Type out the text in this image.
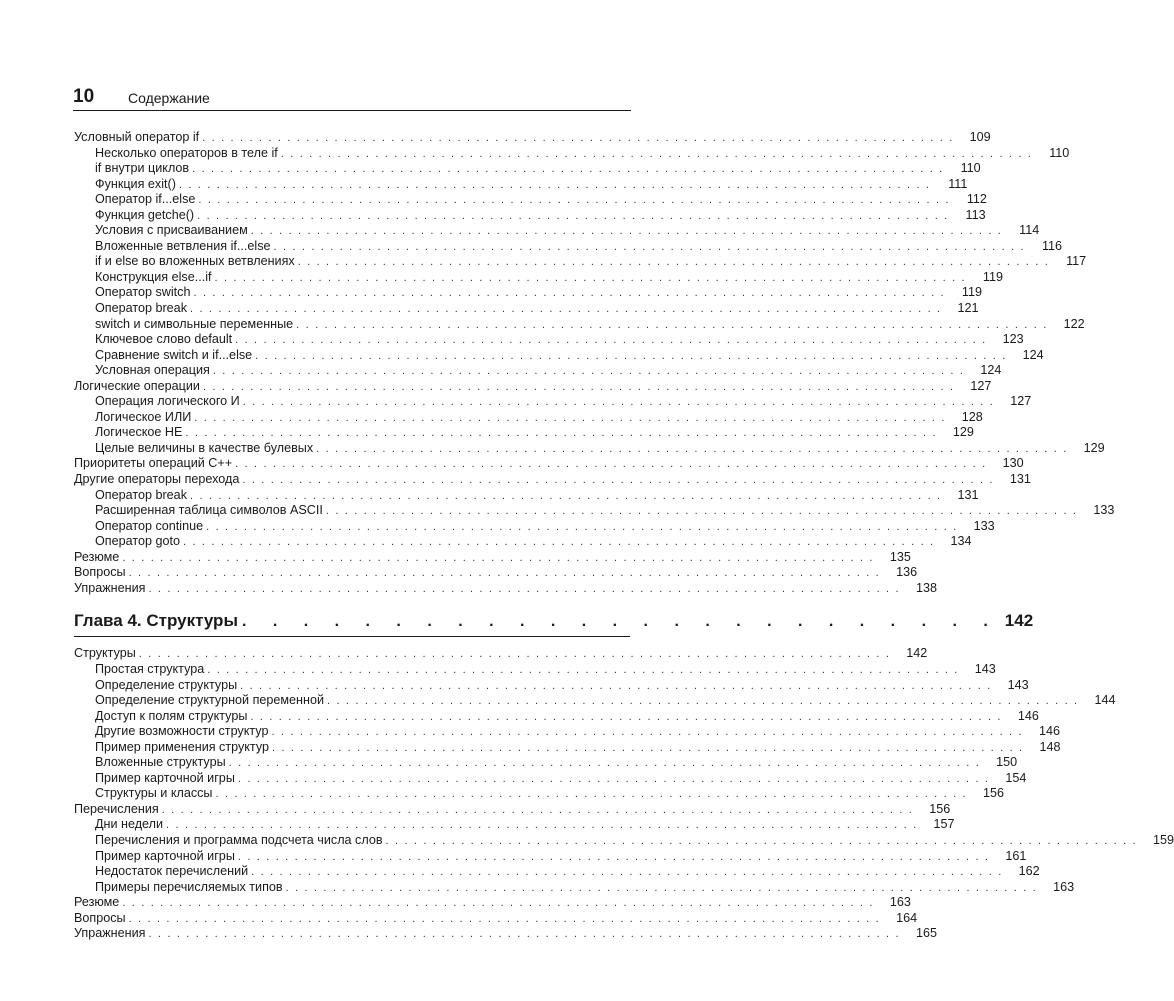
10 Содержание
Условный оператор if ................................................................................ 109
Несколько операторов в теле if ................................................................................ 110
if внутри циклов ................................................................................ 110
Функция exit() ................................................................................	111
Оператор if...else ................................................................................ 112
Функция getche() ................................................................................ 113
Условия с присваиванием ................................................................................ 114
Вложенные ветвления if...else ................................................................................ 116
if и else во вложенных ветвлениях ................................................................................ 117
Конструкция else...if ................................................................................ 119
Оператор switch ................................................................................ 119
Оператор break ................................................................................ 121
switch и символьные переменные ................................................................................ 122
Ключевое слово default ................................................................................ 123
Сравнение switch и if...else ................................................................................ 124
Условная операция ................................................................................ 124
Логические операции ................................................................................ 127
Операция логического И ................................................................................ 127
Логическое ИЛИ ................................................................................ 128
Логическое НЕ ................................................................................ 129
Целые величины в качестве булевых ................................................................................ 129
Приоритеты операций С++ ................................................................................ 130
Другие операторы перехода ................................................................................ 131
Оператор break ................................................................................ 131
Расширенная таблица символов ASCII ................................................................................ 133
Оператор continue ................................................................................ 133
Оператор goto ................................................................................ 134
Резюме ................................................................................ 135
Вопросы ................................................................................ 136
Упражнения ................................................................................ 138
Глава 4. Структуры . . . . . . . . . . . . . . . . . . . . . . . . . 142
Структуры ................................................................................ 142
Простая структура ................................................................................ 143
Определение структуры ................................................................................ 143
Определение структурной переменной ................................................................................ 144
Доступ к полям структуры ................................................................................ 146
Другие возможности структур ................................................................................ 146
Пример применения структур ................................................................................ 148
Вложенные структуры ................................................................................ 150
Пример карточной игры ................................................................................ 154
Структуры и классы ................................................................................ 156
Перечисления ................................................................................ 156
Дни недели ................................................................................ 157
Перечисления и программа подсчета числа слов ................................................................................ 159
Пример карточной игры ................................................................................ 161
Недостаток перечислений ................................................................................ 162
Примеры перечисляемых типов ................................................................................ 163
Резюме ................................................................................ 163
Вопросы ................................................................................ 164
Упражнения ................................................................................ 165
